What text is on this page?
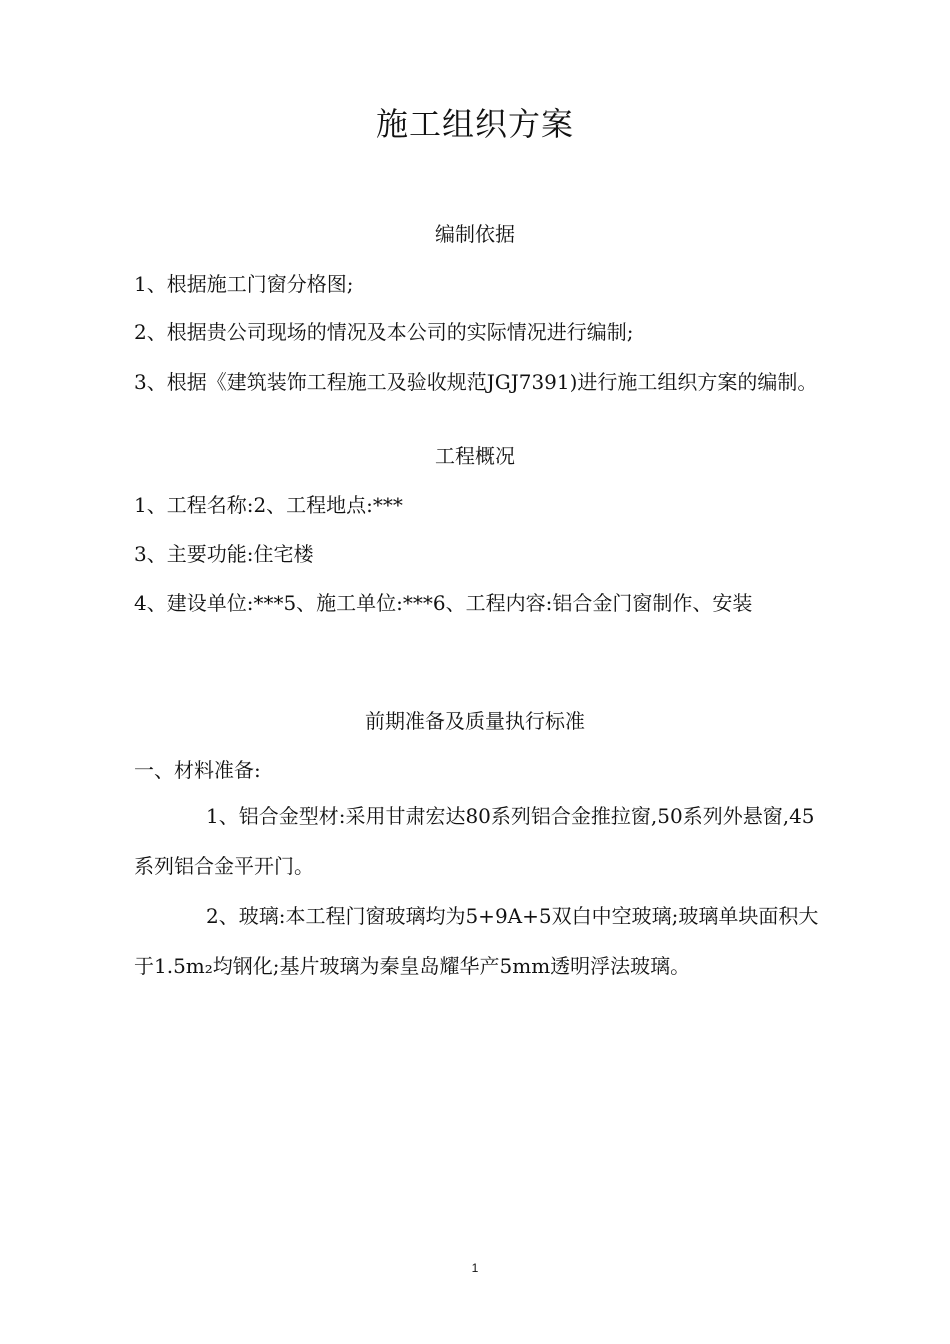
施工组织方案
编制依据
1、根据施工门窗分格图;
2、根据贵公司现场的情况及本公司的实际情况进行编制;
3、根据《建筑装饰工程施工及验收规范JGJ7391)进行施工组织方案的编制。
工程概况
1、工程名称:2、工程地点:***
3、主要功能:住宅楼
4、建设单位:***5、施工单位:***6、工程内容:铝合金门窗制作、安装
前期准备及质量执行标准
一、材料准备:
1、铝合金型材:采用甘肃宏达80系列铝合金推拉窗,50系列外悬窗,45系列铝合金平开门。
2、玻璃:本工程门窗玻璃均为5+9A+5双白中空玻璃;玻璃单块面积大于1.5m₂均钢化;基片玻璃为秦皇岛耀华产5mm透明浮法玻璃。
1
